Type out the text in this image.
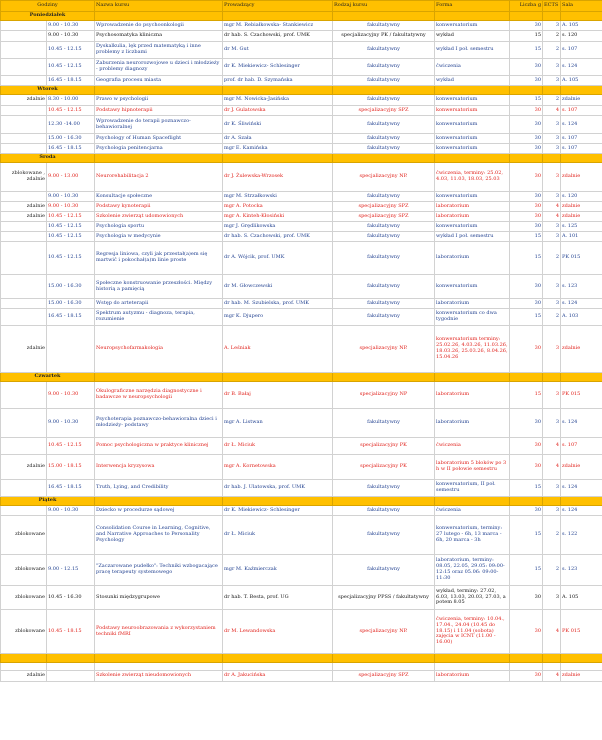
Godziny		Nazwa kursu	Prowadzący	Rodzaj kursu	Forma	Liczba g	ECTS	Sala
Poniedziałek								
	9.00 - 10.30	Wprowadzenie do psychoonkologii	mgr M. Rebiałkowska- Stankiewicz	fakultatywny	konwersatorium	30	3	A. 105
	9.00 - 10.30	Psychosomatyka kliniczna	dr hab. S. Czachowski, prof. UMK	specjalizacyjny PK / fakultatywny	wykład	15	2	s. 120
	10.45 - 12.15	Dyskalkulia, lęk przed matematyką i inne problemy z liczbami	dr M. Gut	fakultatywny	wykład I poł. semestru	15	2	s. 107
	10.45 - 12.15	Zaburzenia neurorozwojowe u dzieci i młodzieży - problemy diagnozy	dr K. Miekiewicz- Schlesinger	fakultatywny	ćwiczenia	30	3	s. 124
	16.45 - 18.15	Geografia procesu miasta	prof. dr hab. D. Szymańska	fakultatywny	wykład	30	3	A. 105
Wtorek								
zdalnie	8.30 - 10.00	Prawo w psychologii	mgr M. Nowicka-Jasińska	fakultatywny	konwersatorium	15	2	zdalnie
	10.45 - 12.15	Podstawy hipnoterapii	dr J. Gulatowska	specjalizacyjny SPZ	konwersatorium	30	4	s. 107
	12.30 -14.00	Wprowadzenie do terapii poznawczo-behawioralnej	dr K. Śliwiński	fakultatywny	konwersatorium	30	3	s. 124
	15.00 - 16.30	Psychology of Human Spaceflight	dr A. Szała	fakultatywny	konwersatorium	30	3	s. 107
	16.45 - 18.15	Psychologia penitencjarna	mgr E. Kamińska	fakultatywny	konwersatorium	30	3	s. 107
Środa								
zblokowane , zdalnie	9.00 - 13.00	Neurorehabilitacja 2	dr J. Żulewska-Wrzosek	specjalizacyjny NP.	ćwiczenia, terminy: 25.02, 4.03, 11.03, 18.03, 25.03	30	3	zdalnie
	9.00 - 10.30	Konsultacje społeczne	mgr M. Strzałkowski	fakultatywny	konwersatorium	30	3	s. 120
zdalnie	9.00 - 10.30	Podstawy kynoterapii	mgr A. Potocka	specjalizacyjny SPZ	laboratorium	30	4	zdalnie
zdalnie	10.45 - 12.15	Szkolenie zwierząt udomowionych	mgr A. Kinteh-Kłosiński	specjalizacyjny SPZ	laboratorium	30	4	zdalnie
	10.45 - 12.15	Psychologia sportu	mgr J. Grędlikowska	fakultatywny	konwersatorium	30	3	s. 125
	10.45 - 12.15	Psychologia w medycynie	dr hab. S. Czachowski, prof. UMK	fakultatywny	wykład I poł. semestru	15	3	A. 101
	10.45 - 12.15	Regresja liniowa, czyli jak przestał(a)em się martwić i pokochał(a)m linie proste	dr A. Wójcik, prof. UMK	fakultatywny	laboratorium	15	2	PK 015
	15.00 - 16.30	Społeczne konstruowanie przeszłości. Między historią a pamięcią	dr M. Głowczewski	fakultatywny	konwersatorium	30	3	s. 123
	15.00 - 16.30	Wstęp do arteterapii	dr hab. M. Szubielska, prof. UMK	fakultatywny	laboratorium	30	3	s. 124
	16.45 - 18.15	Spektrum autyzmu - diagnoza, terapia, rozumienie	mgr K. Djupero	fakultatywny	konwersatorium co dwa tygodnie	15	2	A. 103
zdalnie		Neuropsychofarmakologia	A. Leśniak	specjalizacyjny NP.	konwersatorium terminy: 25.02.26, 4.03.26, 11.03.26, 18.03.26, 25.03.26, 8.04.26, 15.04.26	30	3	zdalnie
Czwartek								
	9.00 - 10.30	Okulograficzne narzędzia diagnostyczne i badawcze w neuropsychologii	dr B. Bałaj	specjalizacyjny NP	laboratorium	15	3	PK 015
	9.00 - 10.30	Psychoterapia poznawczo-behawioralna dzieci i młodzieży- podstawy	mgr A. Listwan	fakultatywny	laboratorium	30	3	s. 124
	10.45 - 12.15	Pomoc psychologiczna w praktyce klinicznej	dr Ł. Miciuk	specjalizacyjny PK	ćwiczenia	30	4	s. 107
zdalnie	15.00 - 18.15	Interwencja kryzysowa	mgr A. Kornetowska	specjalizacyjny PK	laboratorium 5 bloków po 3 h w II połowie semestru	30	4	zdalnie
	16.45 - 18.15	Truth, Lying, and Credibility	dr hab. J. Ulatowska, prof. UMK	fakultatywny	konwersatorium, II poł. semestru	15	3	s. 124
Piątek								
	9.00 - 10.30	Dziecko w procedurze sądowej	dr K. Miekiewicz- Schlesinger	fakultatywny	ćwiczenia	30	3	s. 124
zblokowane		Consolidation Course in Learning, Cognitive, and Narrative Approaches to Personality Psychology	dr Ł. Miciuk	fakultatywny	konwersatorium, terminy: 27 lutego - 6h, 13 marca - 6h, 20 marca - 3h	15	2	s. 122
zblokowane	9.00 - 12.15	"Zaczarowane pudełko": Techniki wzbogacające pracę terapeuty systemowego	mgr M. Kaźmierczak	fakultatywny	laboratorium, terminy: 08.05, 22.05, 29.05: 09:00-12:15 oraz 05.06: 09:00-11:30	15	2	s. 123
zblokowane	10.45 - 16.30	Stosunki międzygrupowe	dr hab. T. Besta, prof. UG	specjalizacyjny PPSS / fakultatywny	wykład, terminy: 27.02, 6.03, 13.03, 20.03, 27.03, a potem 8.05	30	3	A. 105
zblokowane	10.45 - 18.15	Podstawy neuroobrazowania z wykorzystaniem techniki fMRI	dr M. Lewandowska	specjalizacyjny NP.	ćwiczenia, terminy: 10.04., 17.04., 24.04 (10.45 do 18.15) i 11.04 (sobota) zajęcia w ICNT (11.00 - 16.00)	30	4	PK 015

zdalnie		Szkolenie zwierząt nieudomowionych	dr A. Jakucińska	specjalizacyjny SPZ	laboratorium	30	4	zdalnie
